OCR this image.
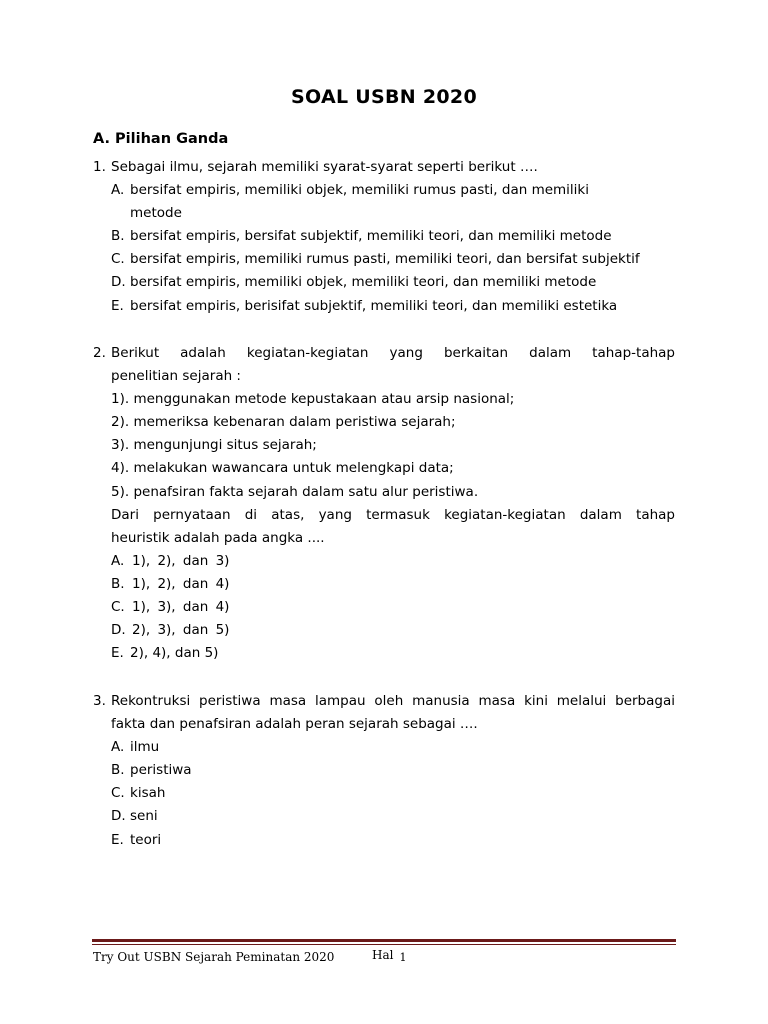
SOAL USBN 2020
A. Pilihan Ganda
1. Sebagai ilmu, sejarah memiliki syarat-syarat seperti berikut ….
A. bersifat empiris, memiliki objek, memiliki rumus pasti, dan memiliki metode
B. bersifat empiris, bersifat subjektif, memiliki teori, dan memiliki metode
C. bersifat empiris, memiliki rumus pasti, memiliki teori, dan bersifat subjektif
D. bersifat empiris, memiliki objek, memiliki teori, dan memiliki metode
E. bersifat empiris, berisifat subjektif, memiliki teori, dan memiliki estetika
2. Berikut adalah kegiatan-kegiatan yang berkaitan dalam tahap-tahap
penelitian sejarah :
1). menggunakan metode kepustakaan atau arsip nasional;
2). memeriksa kebenaran dalam peristiwa sejarah;
3). mengunjungi situs sejarah;
4). melakukan wawancara untuk melengkapi data;
5). penafsiran fakta sejarah dalam satu alur peristiwa.
Dari pernyataan di atas, yang termasuk kegiatan-kegiatan dalam tahap
heuristik adalah pada angka ....
A. 1), 2), dan 3)
B. 1), 2), dan 4)
C. 1), 3), dan 4)
D. 2), 3), dan 5)
E. 2), 4), dan 5)
3. Rekontruksi peristiwa masa lampau oleh manusia masa kini melalui berbagai
fakta dan penafsiran adalah peran sejarah sebagai ….
A. ilmu
B. peristiwa
C. kisah
D. seni
E. teori
Try Out USBN Sejarah Peminatan 2020	Hal 1
